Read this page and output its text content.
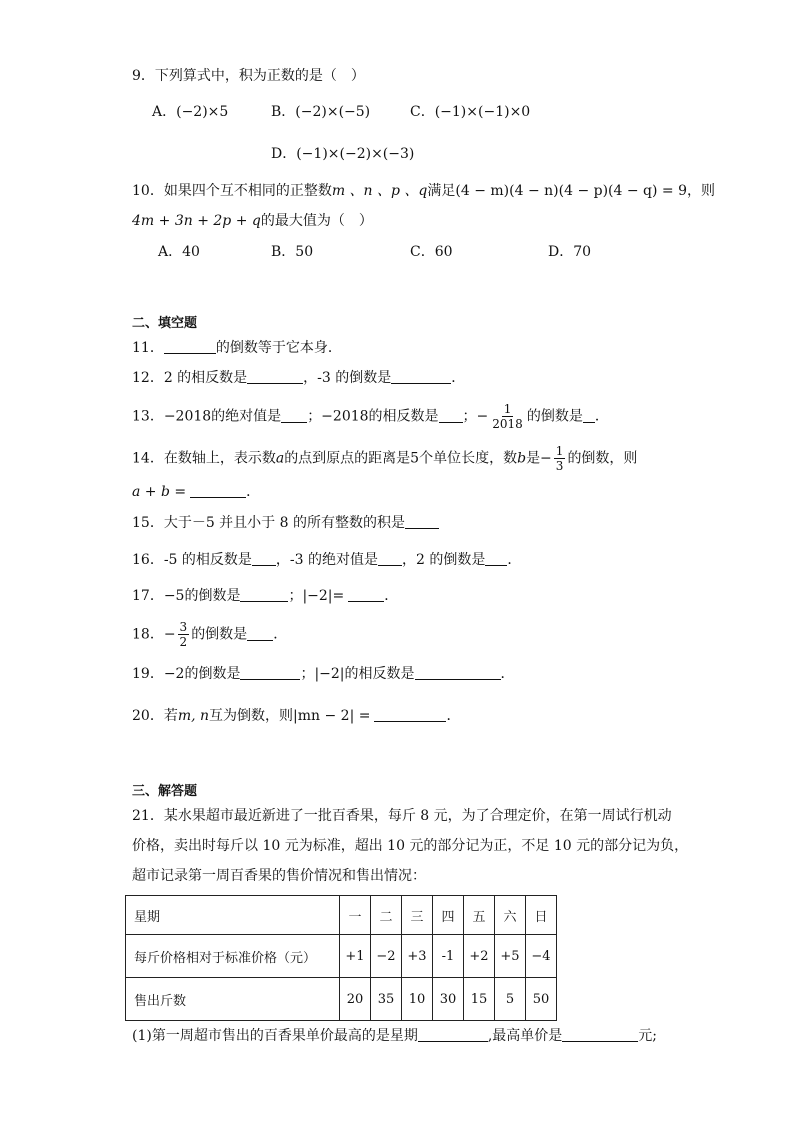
9．下列算式中，积为正数的是（　）
A．(−2)×5	B．(−2)×(−5)	C．(−1)×(−1)×0
D．(−1)×(−2)×(−3)
10．如果四个互不相同的正整数m 、n 、p 、q满足(4 − m)(4 − n)(4 − p)(4 − q) = 9，则
4m + 3n + 2p + q的最大值为（　）
A．40	B．50	C．60	D．70
二、填空题
11．	的倒数等于它本身．
12．2 的相反数是	，-3 的倒数是	．
13．−2018的绝对值是 ；−2018的相反数是 ；− $\frac{1}{2018}$ 的倒数是 ．
14．在数轴上，表示数a的点到原点的距离是5个单位长度，数b是− $\frac{1}{3}$ 的倒数，则
a + b =	．
15．大于－5 并且小于 8 的所有整数的积是
16．-5 的相反数是 ，-3 的绝对值是 ，2 的倒数是 ．
17．−5的倒数是	；|−2|=	．
18．− $\frac{3}{2}$ 的倒数是 ．
19．−2的倒数是	；|−2|的相反数是	．
20．若m, n互为倒数，则|mn − 2| =	．
三、解答题
21．某水果超市最近新进了一批百香果，每斤 8 元，为了合理定价，在第一周试行机动
价格，卖出时每斤以 10 元为标准，超出 10 元的部分记为正，不足 10 元的部分记为负，
超市记录第一周百香果的售价情况和售出情况：
星期	一	二	三	四	五	六	日
每斤价格相对于标准价格（元）	+1	−2	+3	-1	+2	+5	−4
售出斤数	20	35	10	30	15	5	50
(1)第一周超市售出的百香果单价最高的是星期	,最高单价是	元;
